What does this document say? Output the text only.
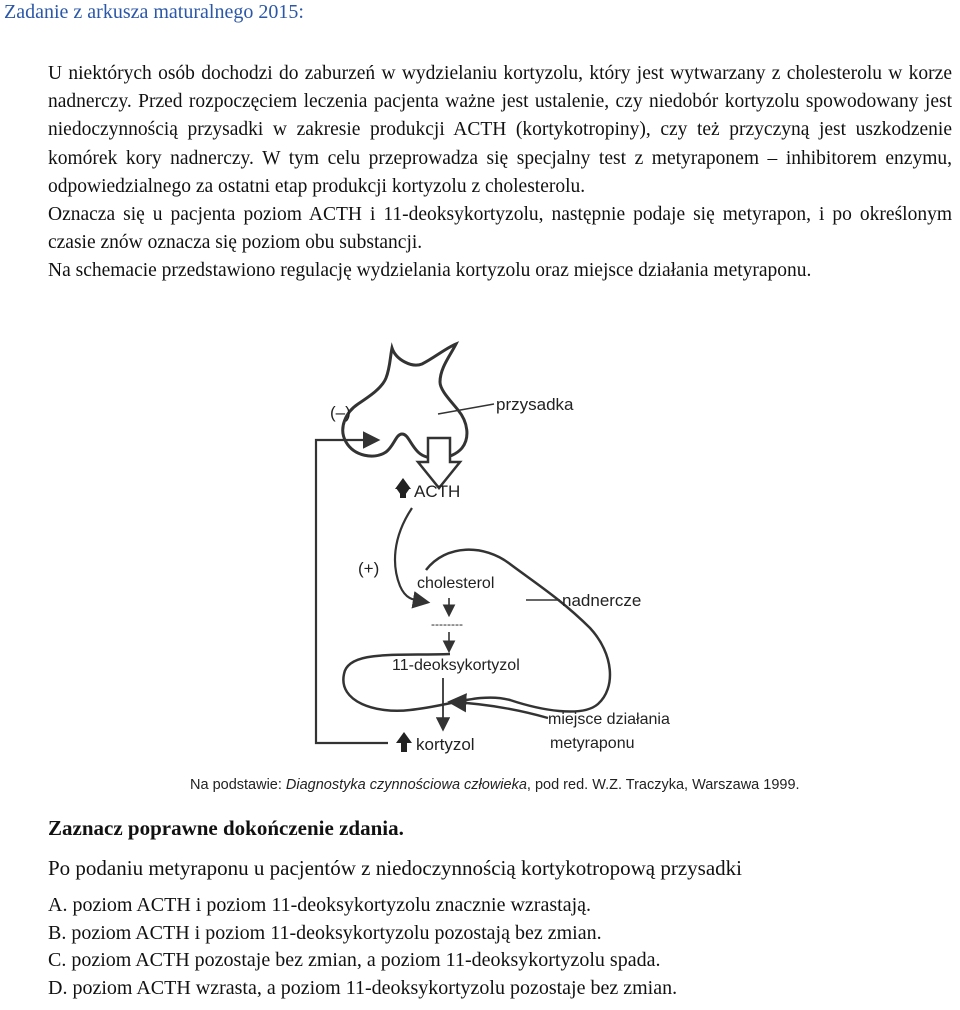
Zadanie z arkusza maturalnego 2015:

U niektórych osób dochodzi do zaburzeń w wydzielaniu kortyzolu, który jest wytwarzany z cholesterolu w korze nadnerczy. Przed rozpoczęciem leczenia pacjenta ważne jest ustalenie, czy niedobór kortyzolu spowodowany jest niedoczynnością przysadki w zakresie produkcji ACTH (kortykotropiny), czy też przyczyną jest uszkodzenie komórek kory nadnerczy. W tym celu przeprowadza się specjalny test z metyraponem – inhibitorem enzymu, odpowiedzialnego za ostatni etap produkcji kortyzolu z cholesterolu.

Oznacza się u pacjenta poziom ACTH i 11-deoksykortyzolu, następnie podaje się metyrapon, i po określonym czasie znów oznacza się poziom obu substancji.

Na schemacie przedstawiono regulację wydzielania kortyzolu oraz miejsce działania metyraponu.

przysadka
ACTH
(–)
(+)
cholesterol
nadnercze
--------
11-deoksykortyzol
miejsce działania
metyraponu
kortyzol
Na podstawie: Diagnostyka czynnościowa człowieka, pod red. W.Z. Traczyka, Warszawa 1999.
Zaznacz poprawne dokończenie zdania.
Po podaniu metyraponu u pacjentów z niedoczynnością kortykotropową przysadki
A. poziom ACTH i poziom 11-deoksykortyzolu znacznie wzrastają.
B. poziom ACTH i poziom 11-deoksykortyzolu pozostają bez zmian.
C. poziom ACTH pozostaje bez zmian, a poziom 11-deoksykortyzolu spada.
D. poziom ACTH wzrasta, a poziom 11-deoksykortyzolu pozostaje bez zmian.
